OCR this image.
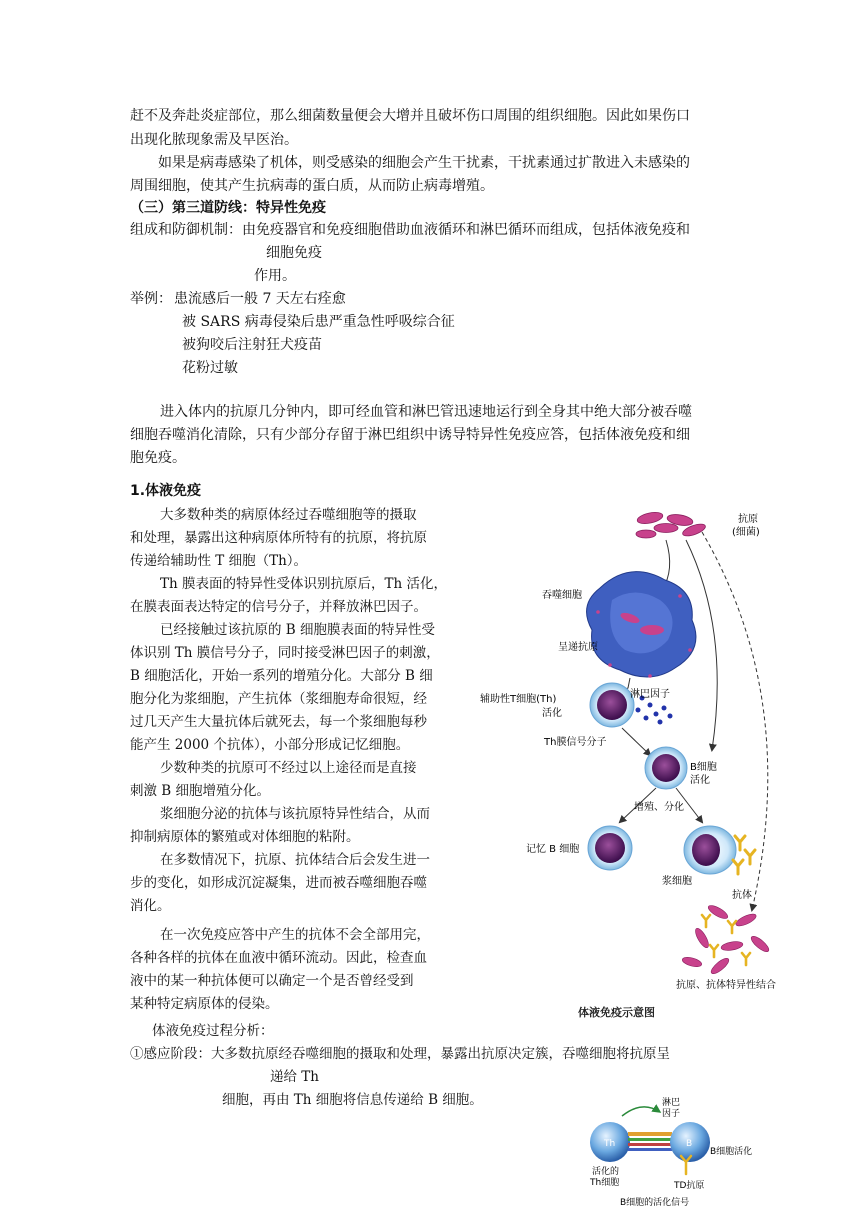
赶不及奔赴炎症部位，那么细菌数量便会大增并且破坏伤口周围的组织细胞。因此如果伤口
出现化脓现象需及早医治。
如果是病毒感染了机体，则受感染的细胞会产生干扰素，干扰素通过扩散进入未感染的
周围细胞，使其产生抗病毒的蛋白质，从而防止病毒增殖。
（三）第三道防线：特异性免疫
组成和防御机制：由免疫器官和免疫细胞借助血液循环和淋巴循环而组成，包括体液免疫和
细胞免疫
作用。
举例： 患流感后一般 7 天左右痊愈
被 SARS 病毒侵染后患严重急性呼吸综合征
被狗咬后注射狂犬疫苗
花粉过敏
进入体内的抗原几分钟内，即可经血管和淋巴管迅速地运行到全身其中绝大部分被吞噬
细胞吞噬消化清除，只有少部分存留于淋巴组织中诱导特异性免疫应答，包括体液免疫和细
胞免疫。
1.体液免疫
大多数种类的病原体经过吞噬细胞等的摄取
和处理，暴露出这种病原体所特有的抗原，将抗原
传递给辅助性 T 细胞（Th）。
Th 膜表面的特异性受体识别抗原后，Th 活化，
在膜表面表达特定的信号分子，并释放淋巴因子。
已经接触过该抗原的 B 细胞膜表面的特异性受
体识别 Th 膜信号分子，同时接受淋巴因子的刺激，
B 细胞活化，开始一系列的增殖分化。大部分 B 细
胞分化为浆细胞，产生抗体（浆细胞寿命很短，经
过几天产生大量抗体后就死去，每一个浆细胞每秒
能产生 2000 个抗体），小部分形成记忆细胞。
少数种类的抗原可不经过以上途径而是直接
刺激 B 细胞增殖分化。
浆细胞分泌的抗体与该抗原特异性结合，从而
抑制病原体的繁殖或对体细胞的粘附。
在多数情况下，抗原、抗体结合后会发生进一
步的变化，如形成沉淀凝集，进而被吞噬细胞吞噬
消化。
在一次免疫应答中产生的抗体不会全部用完，
各种各样的抗体在血液中循环流动。因此，检查血
液中的某一种抗体便可以确定一个是否曾经受到
某种特定病原体的侵染。
抗原
(细菌)
吞噬细胞
呈递抗原
辅助性T细胞(Th)
活化
淋巴因子
Th膜信号分子
B细胞
活化
增殖、分化
记忆 B 细胞
浆细胞
抗体
抗原、抗体特异性结合
体液免疫示意图
体液免疫过程分析：
①感应阶段：大多数抗原经吞噬细胞的摄取和处理，暴露出抗原决定簇，吞噬细胞将抗原呈
递给 Th
细胞，再由 Th 细胞将信息传递给 B 细胞。	淋巴
因子
Th	B
B细胞活化
活化的
Th细胞	TD抗原
B细胞的活化信号
